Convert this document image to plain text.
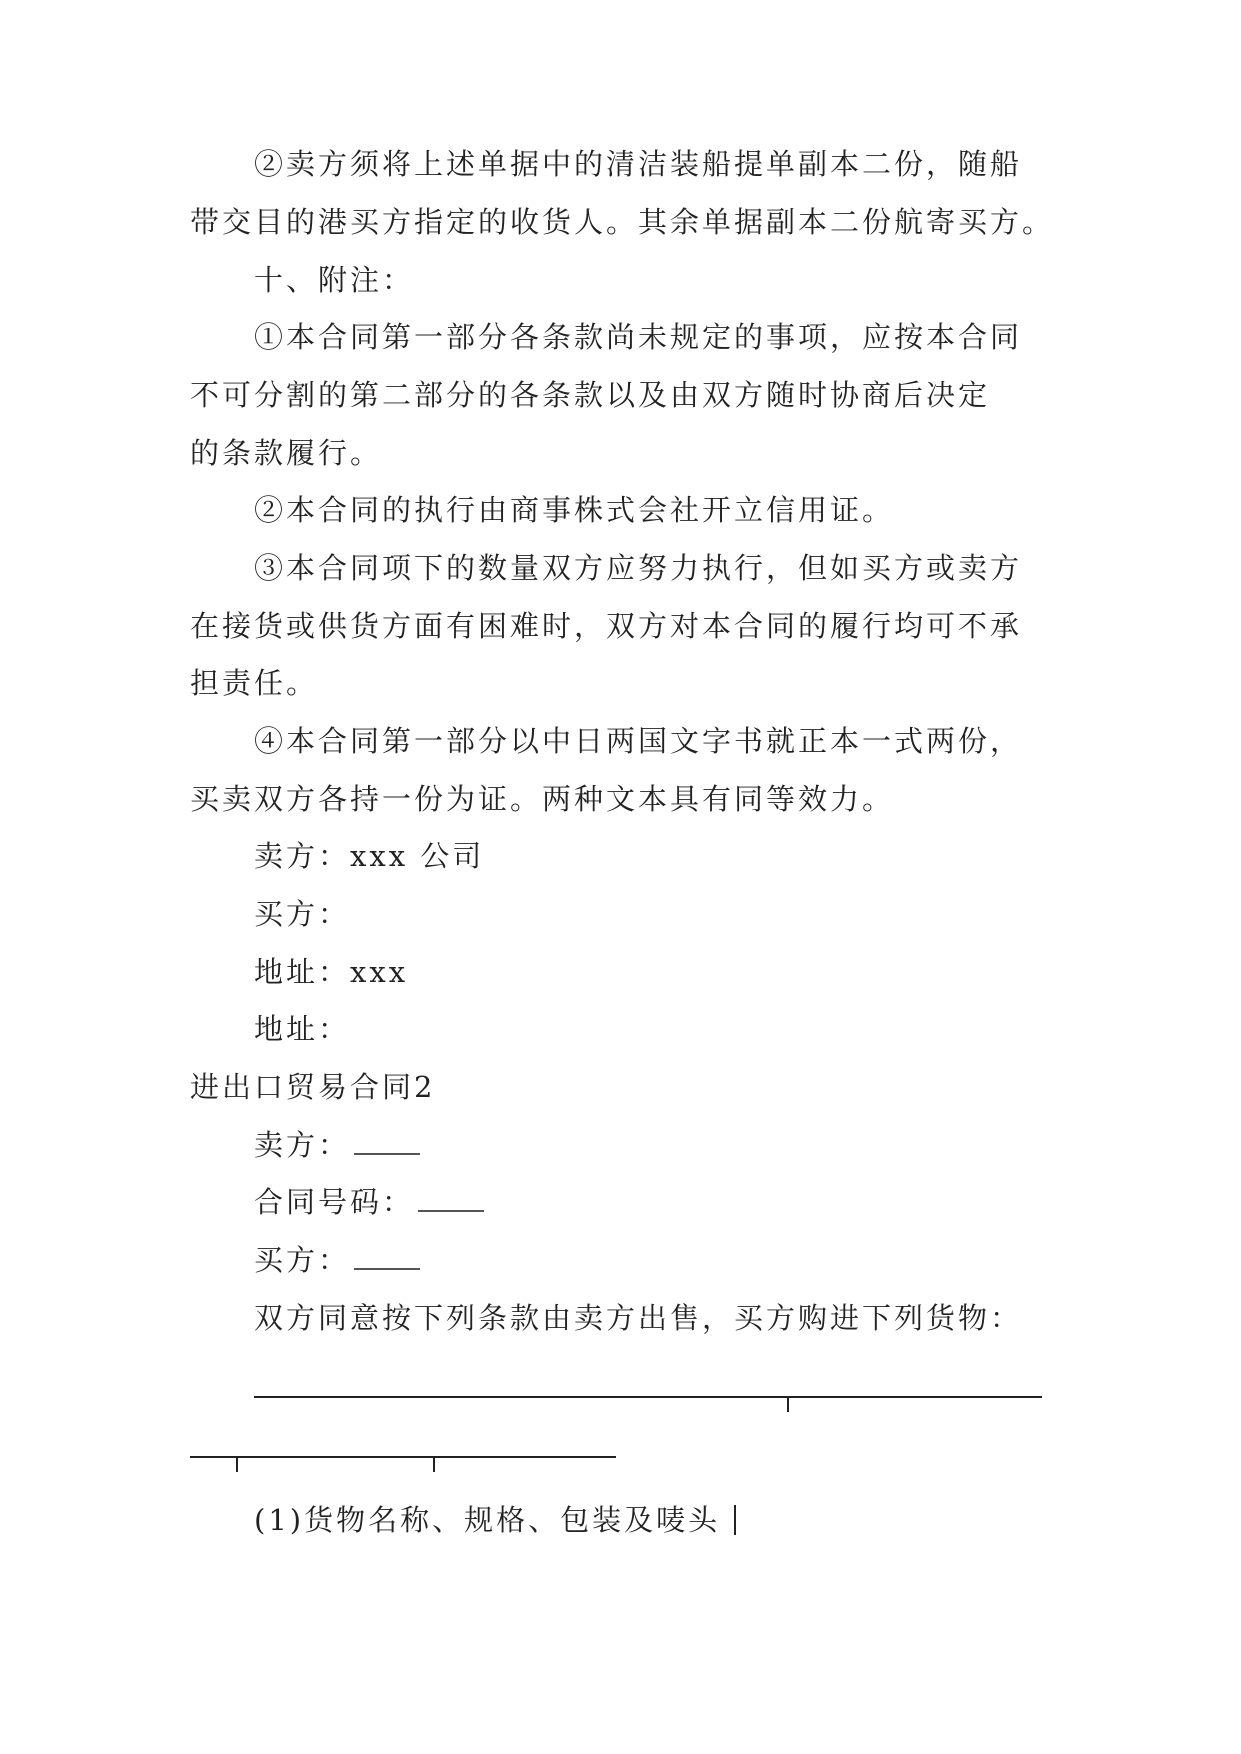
②卖方须将上述单据中的清洁装船提单副本二份，随船
带交目的港买方指定的收货人。其余单据副本二份航寄买方。
十、附注：
①本合同第一部分各条款尚未规定的事项，应按本合同
不可分割的第二部分的各条款以及由双方随时协商后决定
的条款履行。
②本合同的执行由商事株式会社开立信用证。
③本合同项下的数量双方应努力执行，但如买方或卖方
在接货或供货方面有困难时，双方对本合同的履行均可不承
担责任。
④本合同第一部分以中日两国文字书就正本一式两份，
买卖双方各持一份为证。两种文本具有同等效力。
卖方：xxx 公司
买方：
地址：xxx
地址：
进出口贸易合同2
卖方：
合同号码：
买方：
双方同意按下列条款由卖方出售，买方购进下列货物：
(1)货物名称、规格、包装及唛头
